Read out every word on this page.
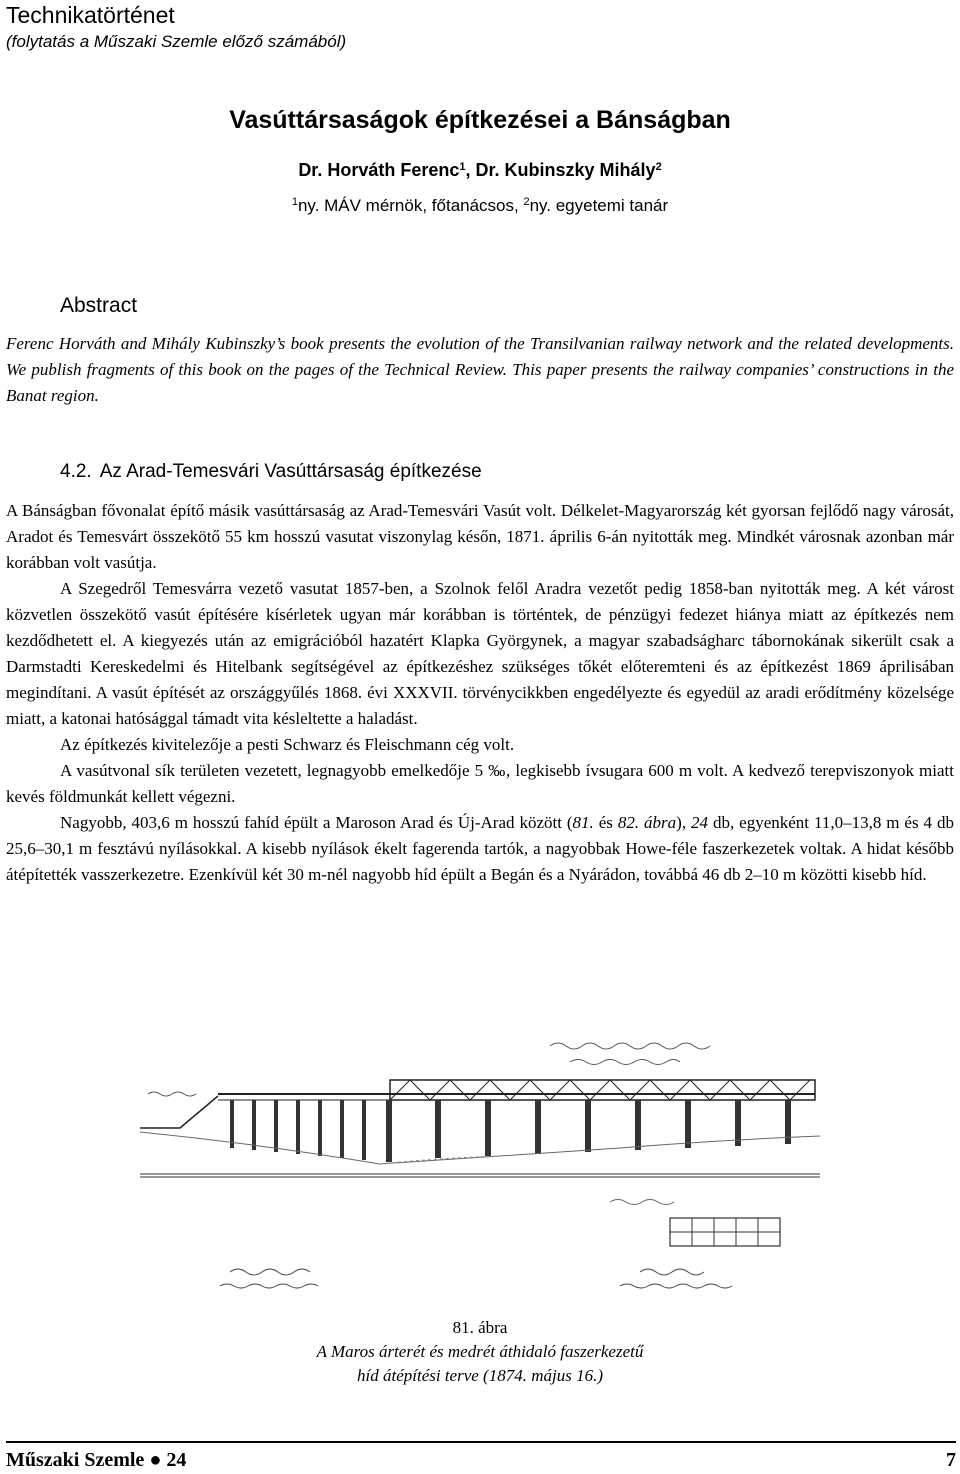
Technikatörténet
(folytatás a Műszaki Szemle előző számából)
Vasúttársaságok építkezései a Bánságban
Dr. Horváth Ferenc$^1$, Dr. Kubinszky Mihály$^2$
$^1$ny. MÁV mérnök, főtanácsos, $^2$ny. egyetemi tanár
Abstract
Ferenc Horváth and Mihály Kubinszky’s book presents the evolution of the Transilvanian railway network and the related developments. We publish fragments of this book on the pages of the Technical Review. This paper presents the railway companies’ constructions in the Banat region.
4.2. Az Arad-Temesvári Vasúttársaság építkezése

A Bánságban fővonalat építő másik vasúttársaság az Arad-Temesvári Vasút volt. Délkelet-Magyarország két gyorsan fejlődő nagy városát, Aradot és Temesvárt összekötő 55 km hosszú vasutat viszonylag későn, 1871. április 6-án nyitották meg. Mindkét városnak azonban már korábban volt vasútja.

A Szegedről Temesvárra vezető vasutat 1857-ben, a Szolnok felől Aradra vezetőt pedig 1858-ban nyitották meg. A két várost közvetlen összekötő vasút építésére kísérletek ugyan már korábban is történtek, de pénzügyi fedezet hiánya miatt az építkezés nem kezdődhetett el. A kiegyezés után az emigrációból hazatért Klapka Györgynek, a magyar szabadságharc tábornokának sikerült csak a Darmstadti Kereskedelmi és Hitelbank segítségével az építkezéshez szükséges tőkét előteremteni és az építkezést 1869 áprilisában megindítani. A vasút építését az országgyűlés 1868. évi XXXVII. törvénycikkben engedélyezte és egyedül az aradi erődítmény közelsége miatt, a katonai hatósággal támadt vita késleltette a haladást.

Az építkezés kivitelezője a pesti Schwarz és Fleischmann cég volt.

A vasútvonal sík területen vezetett, legnagyobb emelkedője 5 ‰, legkisebb ívsugara 600 m volt. A kedvező terepviszonyok miatt kevés földmunkát kellett végezni.

Nagyobb, 403,6 m hosszú fahíd épült a Maroson Arad és Új-Arad között (81. és 82. ábra), 24 db, egyenként 11,0–13,8 m és 4 db 25,6–30,1 m fesztávú nyílásokkal. A kisebb nyílások ékelt fagerenda tartók, a nagyobbak Howe-féle faszerkezetek voltak. A hidat később átépítették vasszerkezetre. Ezenkívül két 30 m-nél nagyobb híd épült a Begán és a Nyárádon, továbbá 46 db 2–10 m közötti kisebb híd.

81. ábra
A Maros árterét és medrét áthidaló faszerkezetű
híd átépítési terve (1874. május 16.)
Műszaki Szemle ● 24	7
